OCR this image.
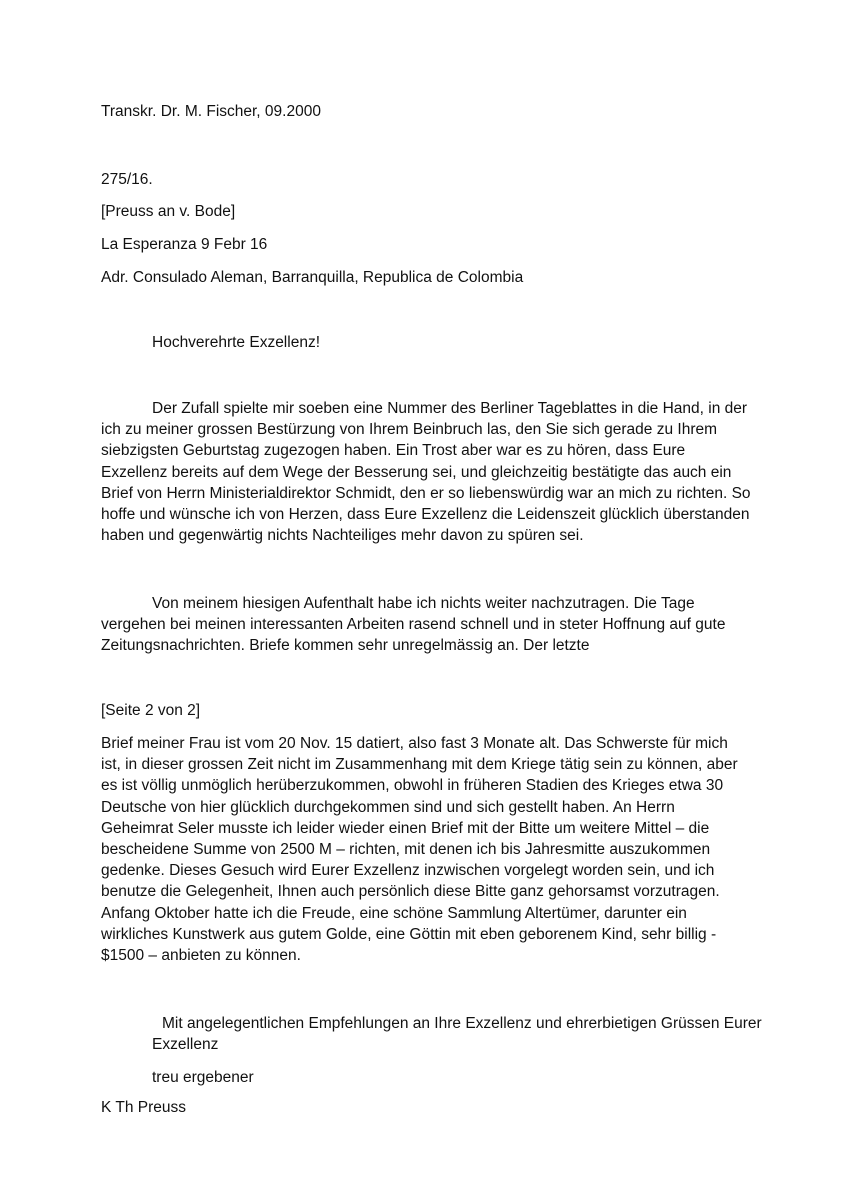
Transkr. Dr. M. Fischer, 09.2000

275/16.

[Preuss an v. Bode]

La Esperanza 9 Febr 16

Adr. Consulado Aleman, Barranquilla, Republica de Colombia

Hochverehrte Exzellenz!

Der Zufall spielte mir soeben eine Nummer des Berliner Tageblattes in die Hand, in der ich zu meiner grossen Bestürzung von Ihrem Beinbruch las, den Sie sich gerade zu Ihrem siebzigsten Geburtstag zugezogen haben. Ein Trost aber war es zu hören, dass Eure Exzellenz bereits auf dem Wege der Besserung sei, und gleichzeitig bestätigte das auch ein Brief von Herrn Ministerialdirektor Schmidt, den er so liebenswürdig war an mich zu richten. So hoffe und wünsche ich von Herzen, dass Eure Exzellenz die Leidenszeit glücklich überstanden haben und gegenwärtig nichts Nachteiliges mehr davon zu spüren sei.

Von meinem hiesigen Aufenthalt habe ich nichts weiter nachzutragen. Die Tage vergehen bei meinen interessanten Arbeiten rasend schnell und in steter Hoffnung auf gute Zeitungsnachrichten. Briefe kommen sehr unregelmässig an. Der letzte

[Seite 2 von 2]

Brief meiner Frau ist vom 20 Nov. 15 datiert, also fast 3 Monate alt. Das Schwerste für mich ist, in dieser grossen Zeit nicht im Zusammenhang mit dem Kriege tätig sein zu können, aber es ist völlig unmöglich herüberzukommen, obwohl in früheren Stadien des Krieges etwa 30 Deutsche von hier glücklich durchgekommen sind und sich gestellt haben. An Herrn Geheimrat Seler musste ich leider wieder einen Brief mit der Bitte um weitere Mittel – die bescheidene Summe von 2500 M – richten, mit denen ich bis Jahresmitte auszukommen gedenke. Dieses Gesuch wird Eurer Exzellenz inzwischen vorgelegt worden sein, und ich benutze die Gelegenheit, Ihnen auch persönlich diese Bitte ganz gehorsamst vorzutragen. Anfang Oktober hatte ich die Freude, eine schöne Sammlung Altertümer, darunter ein wirkliches Kunstwerk aus gutem Golde, eine Göttin mit eben geborenem Kind, sehr billig - $1500 – anbieten zu können.

Mit angelegentlichen Empfehlungen an Ihre Exzellenz und ehrerbietigen Grüssen Eurer Exzellenz

treu ergebener

K Th Preuss
